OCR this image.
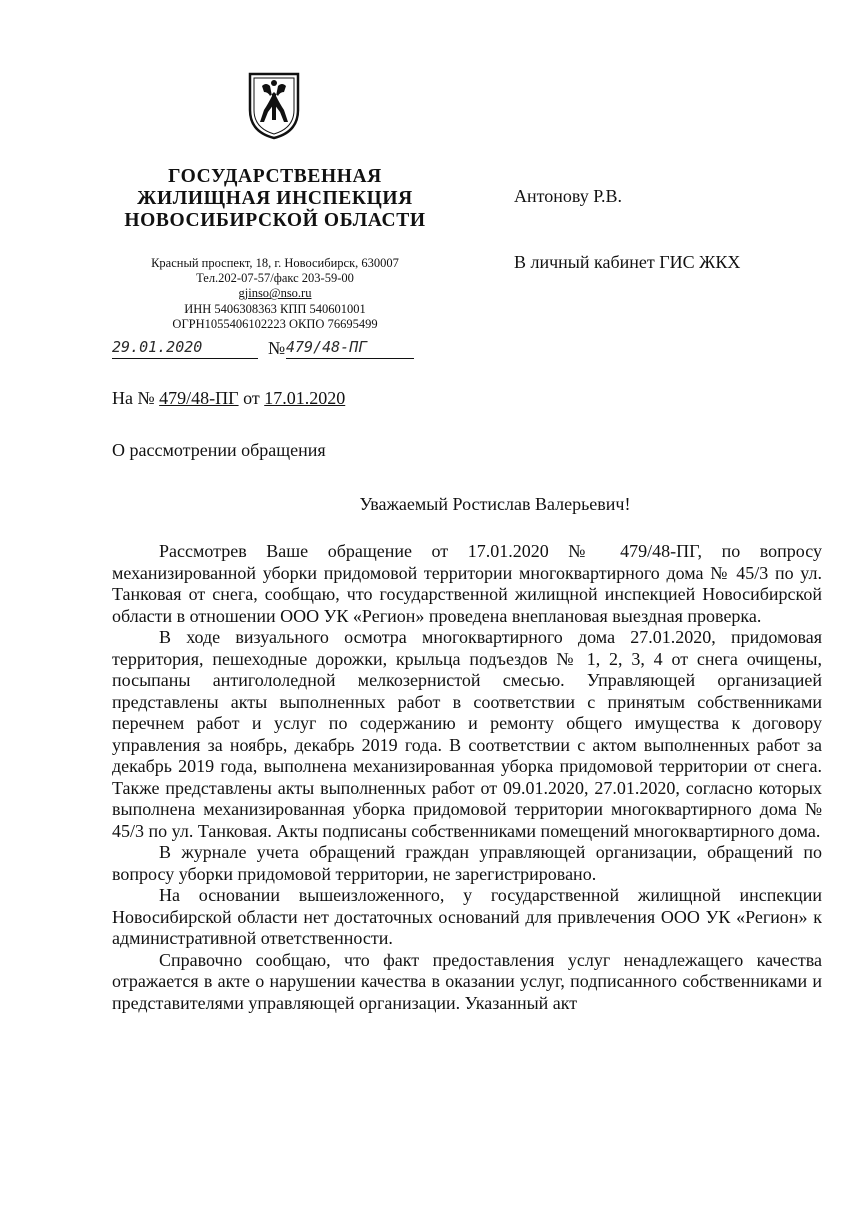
ГОСУДАРСТВЕННАЯ
ЖИЛИЩНАЯ ИНСПЕКЦИЯ
НОВОСИБИРСКОЙ ОБЛАСТИ
Красный проспект, 18, г. Новосибирск, 630007
Тел.202-07-57/факс 203-59-00
gjinso@nso.ru
ИНН 5406308363 КПП 540601001
ОГРН1055406102223 ОКПО 76695499
29.01.2020	№ 479/48-ПГ
Антонову Р.В.
В личный кабинет ГИС ЖКХ
На № 479/48-ПГ от 17.01.2020
О рассмотрении обращения
Уважаемый Ростислав Валерьевич!

Рассмотрев Ваше обращение от 17.01.2020 № 479/48-ПГ, по вопросу механизированной уборки придомовой территории многоквартирного дома № 45/3 по ул. Танковая от снега, сообщаю, что государственной жилищной инспекцией Новосибирской области в отношении ООО УК «Регион» проведена внеплановая выездная проверка.

В ходе визуального осмотра многоквартирного дома 27.01.2020, придомовая территория, пешеходные дорожки, крыльца подъездов № 1, 2, 3, 4 от снега очищены, посыпаны антигололедной мелкозернистой смесью. Управляющей организацией представлены акты выполненных работ в соответствии с принятым собственниками перечнем работ и услуг по содержанию и ремонту общего имущества к договору управления за ноябрь, декабрь 2019 года. В соответствии с актом выполненных работ за декабрь 2019 года, выполнена механизированная уборка придомовой территории от снега. Также представлены акты выполненных работ от 09.01.2020, 27.01.2020, согласно которых выполнена механизированная уборка придомовой территории многоквартирного дома № 45/3 по ул. Танковая. Акты подписаны собственниками помещений многоквартирного дома.

В журнале учета обращений граждан управляющей организации, обращений по вопросу уборки придомовой территории, не зарегистрировано.

На основании вышеизложенного, у государственной жилищной инспекции Новосибирской области нет достаточных оснований для привлечения ООО УК «Регион» к административной ответственности.

Справочно сообщаю, что факт предоставления услуг ненадлежащего качества отражается в акте о нарушении качества в оказании услуг, подписанного собственниками и представителями управляющей организации. Указанный акт
